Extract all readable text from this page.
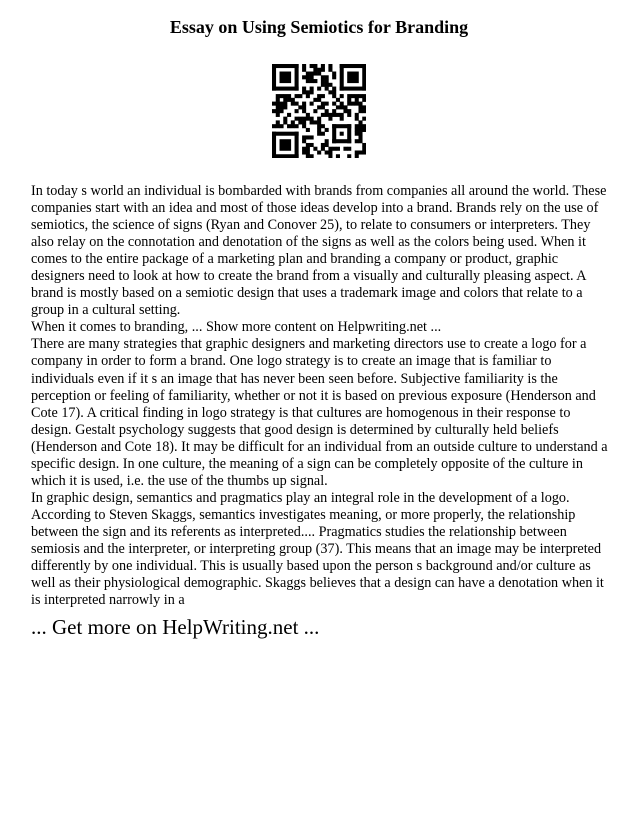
Essay on Using Semiotics for Branding

In today s world an individual is bombarded with brands from companies all around the world. These companies start with an idea and most of those ideas develop into a brand. Brands rely on the use of semiotics, the science of signs (Ryan and Conover 25), to relate to consumers or interpreters. They also relay on the connotation and denotation of the signs as well as the colors being used. When it comes to the entire package of a marketing plan and branding a company or product, graphic designers need to look at how to create the brand from a visually and culturally pleasing aspect. A brand is mostly based on a semiotic design that uses a trademark image and colors that relate to a group in a cultural setting.

When it comes to branding, ... Show more content on Helpwriting.net ...

There are many strategies that graphic designers and marketing directors use to create a logo for a company in order to form a brand. One logo strategy is to create an image that is familiar to individuals even if it s an image that has never been seen before. Subjective familiarity is the perception or feeling of familiarity, whether or not it is based on previous exposure (Henderson and Cote 17). A critical finding in logo strategy is that cultures are homogenous in their response to design. Gestalt psychology suggests that good design is determined by culturally held beliefs (Henderson and Cote 18). It may be difficult for an individual from an outside culture to understand a specific design. In one culture, the meaning of a sign can be completely opposite of the culture in which it is used, i.e. the use of the thumbs up signal.

In graphic design, semantics and pragmatics play an integral role in the development of a logo. According to Steven Skaggs, semantics investigates meaning, or more properly, the relationship between the sign and its referents as interpreted.... Pragmatics studies the relationship between semiosis and the interpreter, or interpreting group (37). This means that an image may be interpreted differently by one individual. This is usually based upon the person s background and/or culture as well as their physiological demographic. Skaggs believes that a design can have a denotation when it is interpreted narrowly in a

... Get more on HelpWriting.net ...
